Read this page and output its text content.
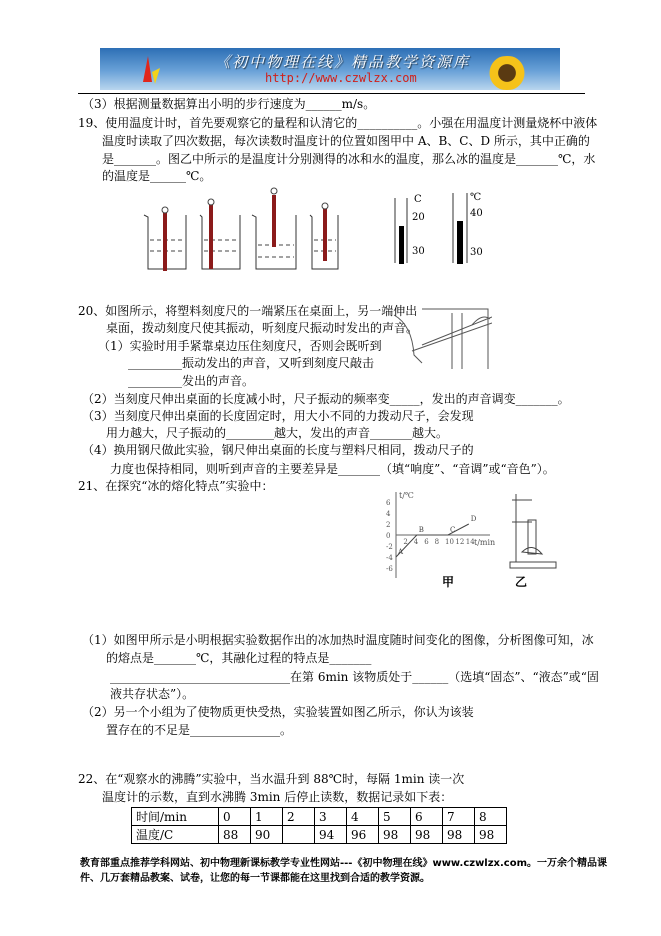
《初中物理在线》精品教学资源库
http://www.czwlzx.com
（3）根据测量数据算出小明的步行速度为______m/s。
19、使用温度计时，首先要观察它的量程和认清它的__________。小强在用温度计测量烧杯中液体
温度时读取了四次数据，每次读数时温度计的位置如图甲中 A、B、C、D 所示，其中正确的
是_______。图乙中所示的是温度计分别测得的冰和水的温度，那么冰的温度是_______℃，水
的温度是______℃。
C
20
30
℃
40
30
20、如图所示，将塑料刻度尺的一端紧压在桌面上，另一端伸出
桌面，拨动刻度尺使其振动，听刻度尺振动时发出的声音。
（1）实验时用手紧靠桌边压住刻度尺，否则会既听到
_________振动发出的声音，又听到刻度尺敲击
_________发出的声音。
（2）当刻度尺伸出桌面的长度减小时，尺子振动的频率变_____，发出的声音调变_______。
（3）当刻度尺伸出桌面的长度固定时，用大小不同的力拨动尺子，会发现
用力越大，尺子振动的________越大，发出的声音_______越大。
（4）换用钢尺做此实验，钢尺伸出桌面的长度与塑料尺相同，拨动尺子的
力度也保持相同，则听到声音的主要差异是_______（填“响度”、“音调”或“音色”）。
21、在探究“冰的熔化特点”实验中：
t/℃
t/min
6
4
2
0
-2
-4
-6
2 4 6 8 10 12 14
A
B	C
D
甲	乙
（1）如图甲所示是小明根据实验数据作出的冰加热时温度随时间变化的图像，分析图像可知，冰
的熔点是_______℃，其融化过程的特点是_______
______________________________在第 6min 该物质处于______（选填“固态”、“液态”或“固
液共存状态”）。
（2）另一个小组为了使物质更快受热，实验装置如图乙所示，你认为该装
置存在的不足是_______________。
22、在“观察水的沸腾”实验中，当水温升到 88℃时，每隔 1min 读一次
温度计的示数，直到水沸腾 3min 后停止读数，数据记录如下表：
时间/min	0	1	2	3	4	5	6	7	8
温度/C	88	90		94	96	98	98	98	98
教育部重点推荐学科网站、初中物理新课标教学专业性网站---《初中物理在线》www.czwlzx.com。一万余个精品课
件、几万套精品教案、试卷，让您的每一节课都能在这里找到合适的教学资源。
